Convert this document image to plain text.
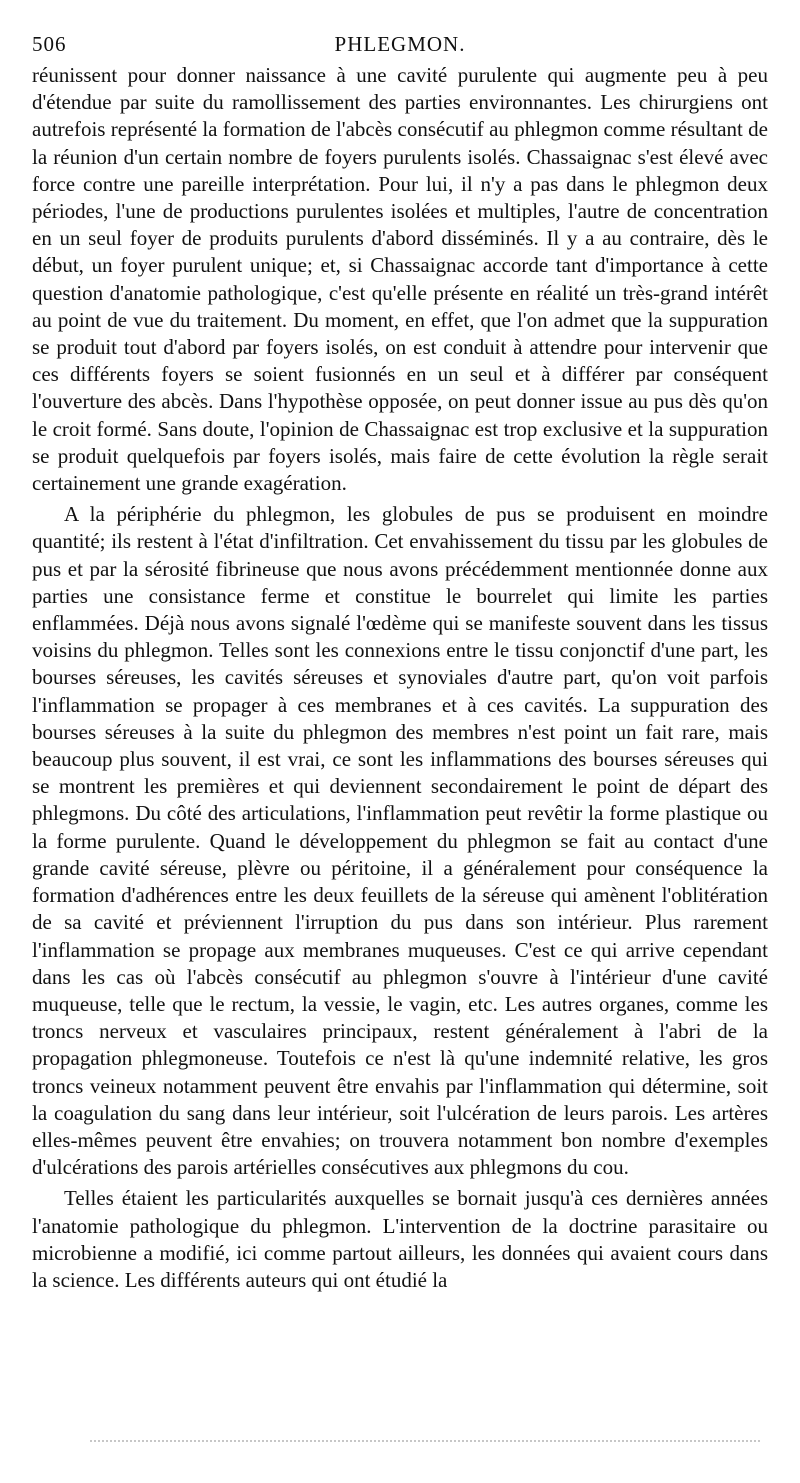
506	PHLEGMON.

réunissent pour donner naissance à une cavité purulente qui augmente peu à peu d'étendue par suite du ramollissement des parties environnantes. Les chirurgiens ont autrefois représenté la formation de l'abcès consécutif au phlegmon comme résultant de la réunion d'un certain nombre de foyers purulents isolés. Chassaignac s'est élevé avec force contre une pareille interprétation. Pour lui, il n'y a pas dans le phlegmon deux périodes, l'une de productions purulentes isolées et multiples, l'autre de concentration en un seul foyer de produits purulents d'abord disséminés. Il y a au contraire, dès le début, un foyer purulent unique; et, si Chassaignac accorde tant d'importance à cette question d'anatomie pathologique, c'est qu'elle présente en réalité un très-grand intérêt au point de vue du traitement. Du moment, en effet, que l'on admet que la suppuration se produit tout d'abord par foyers isolés, on est conduit à attendre pour intervenir que ces différents foyers se soient fusionnés en un seul et à différer par conséquent l'ouverture des abcès. Dans l'hypothèse opposée, on peut donner issue au pus dès qu'on le croit formé. Sans doute, l'opinion de Chassaignac est trop exclusive et la suppuration se produit quelquefois par foyers isolés, mais faire de cette évolution la règle serait certainement une grande exagération.

A la périphérie du phlegmon, les globules de pus se produisent en moindre quantité; ils restent à l'état d'infiltration. Cet envahissement du tissu par les globules de pus et par la sérosité fibrineuse que nous avons précédemment mentionnée donne aux parties une consistance ferme et constitue le bourrelet qui limite les parties enflammées. Déjà nous avons signalé l'œdème qui se manifeste souvent dans les tissus voisins du phlegmon. Telles sont les connexions entre le tissu conjonctif d'une part, les bourses séreuses, les cavités séreuses et synoviales d'autre part, qu'on voit parfois l'inflammation se propager à ces membranes et à ces cavités. La suppuration des bourses séreuses à la suite du phlegmon des membres n'est point un fait rare, mais beaucoup plus souvent, il est vrai, ce sont les inflammations des bourses séreuses qui se montrent les premières et qui deviennent secondairement le point de départ des phlegmons. Du côté des articulations, l'inflammation peut revêtir la forme plastique ou la forme purulente. Quand le développement du phlegmon se fait au contact d'une grande cavité séreuse, plèvre ou péritoine, il a généralement pour conséquence la formation d'adhérences entre les deux feuillets de la séreuse qui amènent l'oblitération de sa cavité et préviennent l'irruption du pus dans son intérieur. Plus rarement l'inflammation se propage aux membranes muqueuses. C'est ce qui arrive cependant dans les cas où l'abcès consécutif au phlegmon s'ouvre à l'intérieur d'une cavité muqueuse, telle que le rectum, la vessie, le vagin, etc. Les autres organes, comme les troncs nerveux et vasculaires principaux, restent généralement à l'abri de la propagation phlegmoneuse. Toutefois ce n'est là qu'une indemnité relative, les gros troncs veineux notamment peuvent être envahis par l'inflammation qui détermine, soit la coagulation du sang dans leur intérieur, soit l'ulcération de leurs parois. Les artères elles-mêmes peuvent être envahies; on trouvera notamment bon nombre d'exemples d'ulcérations des parois artérielles consécutives aux phlegmons du cou.

Telles étaient les particularités auxquelles se bornait jusqu'à ces dernières années l'anatomie pathologique du phlegmon. L'intervention de la doctrine parasitaire ou microbienne a modifié, ici comme partout ailleurs, les données qui avaient cours dans la science. Les différents auteurs qui ont étudié la
